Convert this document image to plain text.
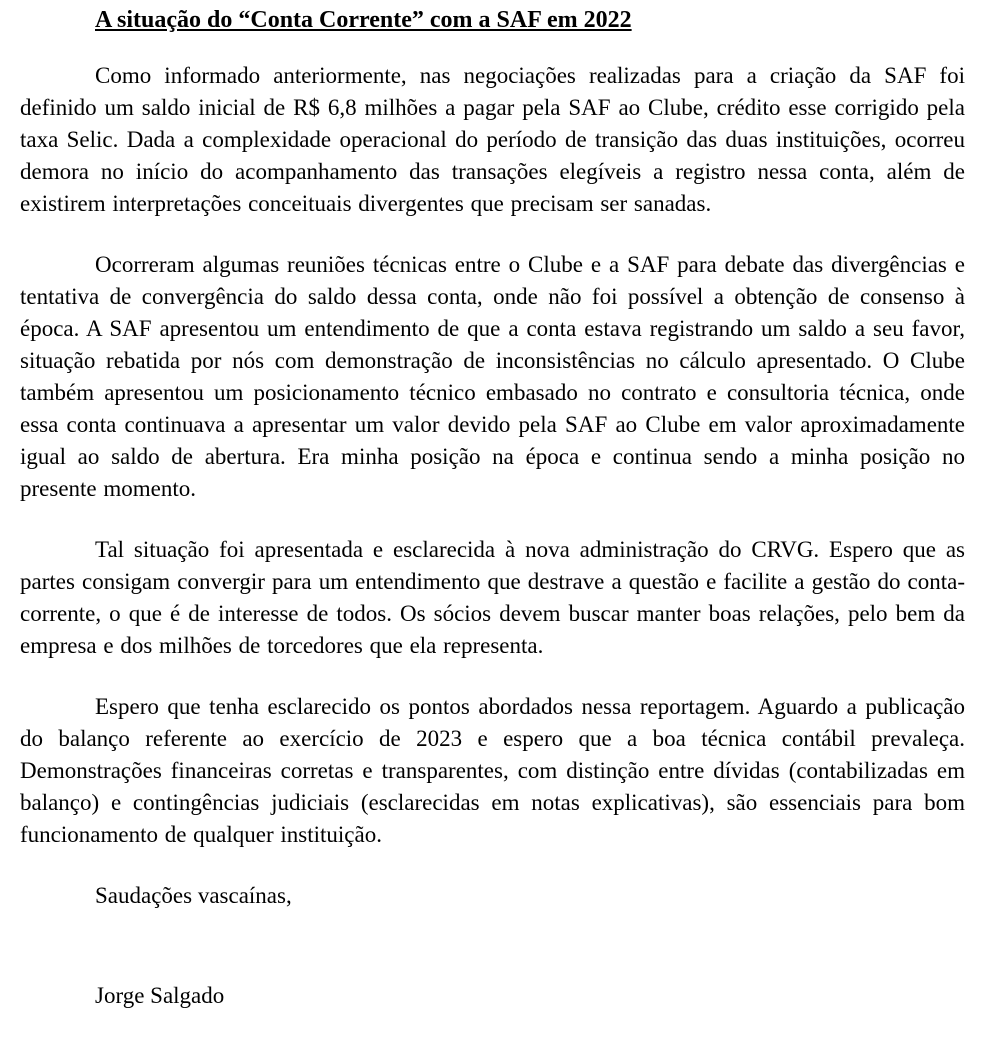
A situação do “Conta Corrente” com a SAF em 2022

Como informado anteriormente, nas negociações realizadas para a criação da SAF foi definido um saldo inicial de R$ 6,8 milhões a pagar pela SAF ao Clube, crédito esse corrigido pela taxa Selic. Dada a complexidade operacional do período de transição das duas instituições, ocorreu demora no início do acompanhamento das transações elegíveis a registro nessa conta, além de existirem interpretações conceituais divergentes que precisam ser sanadas.

Ocorreram algumas reuniões técnicas entre o Clube e a SAF para debate das divergências e tentativa de convergência do saldo dessa conta, onde não foi possível a obtenção de consenso à época. A SAF apresentou um entendimento de que a conta estava registrando um saldo a seu favor, situação rebatida por nós com demonstração de inconsistências no cálculo apresentado. O Clube também apresentou um posicionamento técnico embasado no contrato e consultoria técnica, onde essa conta continuava a apresentar um valor devido pela SAF ao Clube em valor aproximadamente igual ao saldo de abertura. Era minha posição na época e continua sendo a minha posição no presente momento.

Tal situação foi apresentada e esclarecida à nova administração do CRVG. Espero que as partes consigam convergir para um entendimento que destrave a questão e facilite a gestão do conta-corrente, o que é de interesse de todos. Os sócios devem buscar manter boas relações, pelo bem da empresa e dos milhões de torcedores que ela representa.

Espero que tenha esclarecido os pontos abordados nessa reportagem. Aguardo a publicação do balanço referente ao exercício de 2023 e espero que a boa técnica contábil prevaleça. Demonstrações financeiras corretas e transparentes, com distinção entre dívidas (contabilizadas em balanço) e contingências judiciais (esclarecidas em notas explicativas), são essenciais para bom funcionamento de qualquer instituição.

Saudações vascaínas,

Jorge Salgado
